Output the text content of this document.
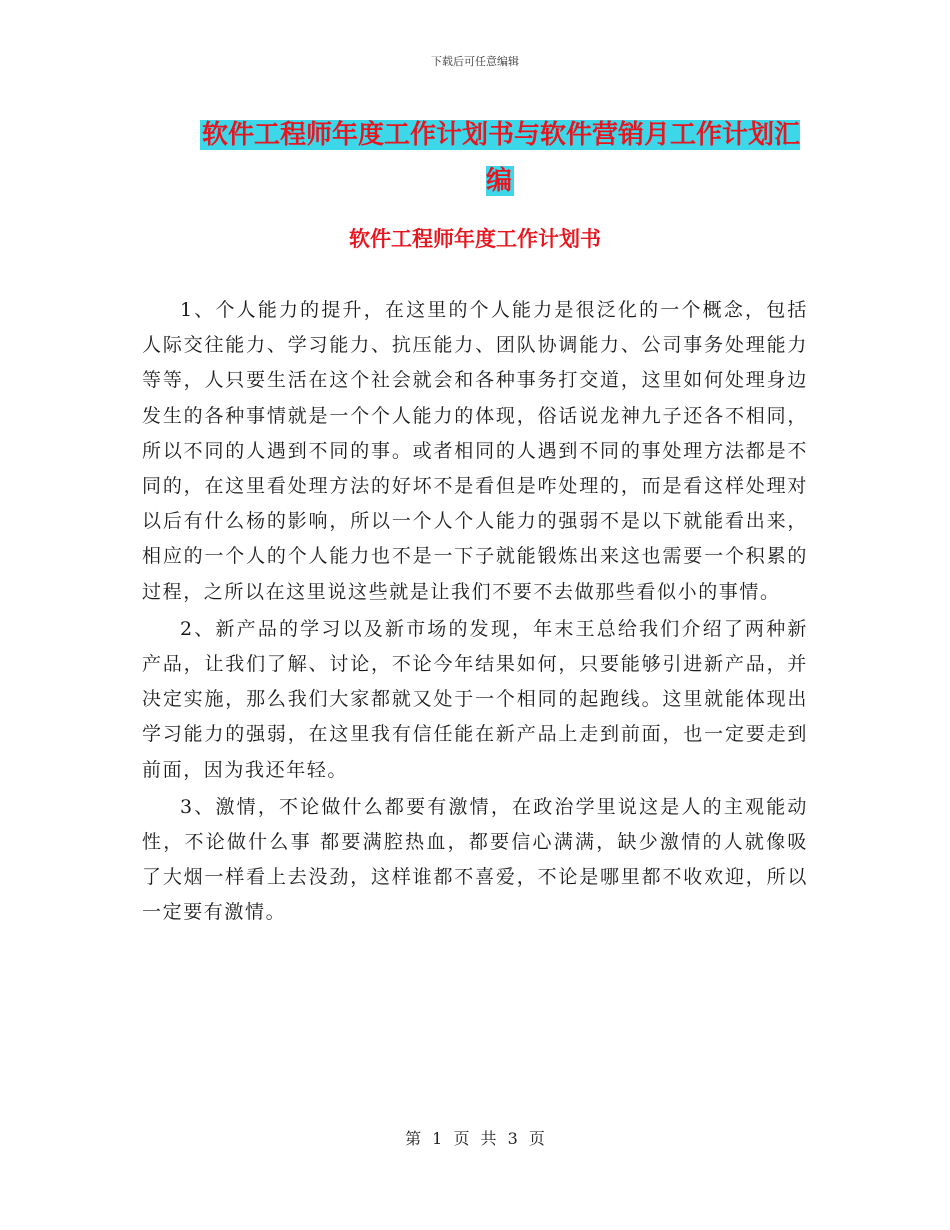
下载后可任意编辑
软件工程师年度工作计划书与软件营销月工作计划汇编
软件工程师年度工作计划书

1、个人能力的提升，在这里的个人能力是很泛化的一个概念，包括人际交往能力、学习能力、抗压能力、团队协调能力、公司事务处理能力等等，人只要生活在这个社会就会和各种事务打交道，这里如何处理身边发生的各种事情就是一个个人能力的体现，俗话说龙神九子还各不相同，所以不同的人遇到不同的事。或者相同的人遇到不同的事处理方法都是不同的，在这里看处理方法的好坏不是看但是咋处理的，而是看这样处理对以后有什么杨的影响，所以一个人个人能力的强弱不是以下就能看出来，相应的一个人的个人能力也不是一下子就能锻炼出来这也需要一个积累的过程，之所以在这里说这些就是让我们不要不去做那些看似小的事情。

2、新产品的学习以及新市场的发现，年末王总给我们介绍了两种新产品，让我们了解、讨论，不论今年结果如何，只要能够引进新产品，并决定实施，那么我们大家都就又处于一个相同的起跑线。这里就能体现出学习能力的强弱，在这里我有信任能在新产品上走到前面，也一定要走到前面，因为我还年轻。

3、激情，不论做什么都要有激情，在政治学里说这是人的主观能动性，不论做什么事 都要满腔热血，都要信心满满，缺少激情的人就像吸了大烟一样看上去没劲，这样谁都不喜爱，不论是哪里都不收欢迎，所以一定要有激情。

第 1 页 共 3 页
